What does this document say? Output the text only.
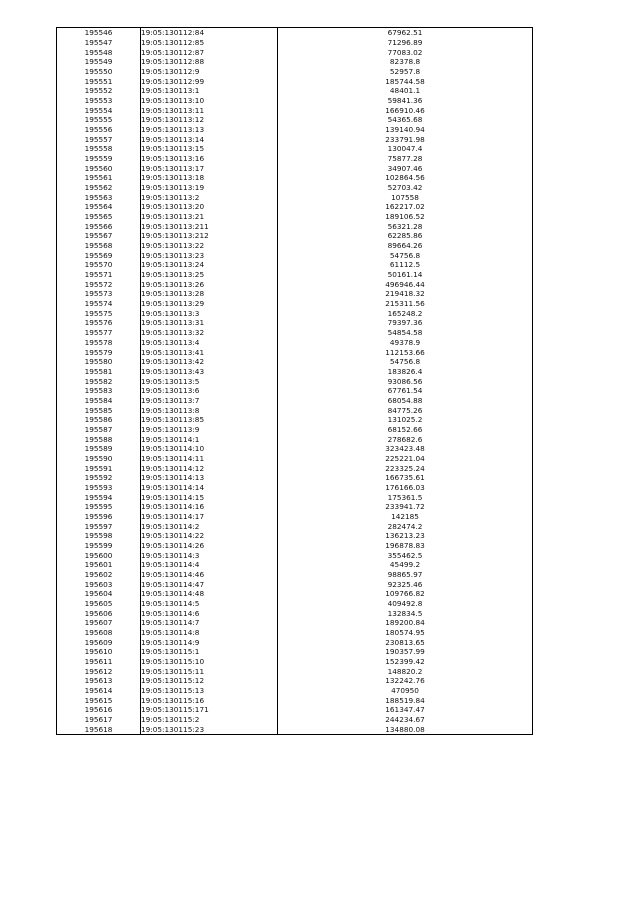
195546	19:05:130112:84	67962.51
195547	19:05:130112:85	71296.89
195548	19:05:130112:87	77083.02
195549	19:05:130112:88	82378.8
195550	19:05:130112:9	52957.8
195551	19:05:130112:99	185744.58
195552	19:05:130113:1	48401.1
195553	19:05:130113:10	59841.36
195554	19:05:130113:11	166910.46
195555	19:05:130113:12	54365.68
195556	19:05:130113:13	139140.94
195557	19:05:130113:14	233791.98
195558	19:05:130113:15	130047.4
195559	19:05:130113:16	75877.28
195560	19:05:130113:17	34907.46
195561	19:05:130113:18	102864.56
195562	19:05:130113:19	52703.42
195563	19:05:130113:2	107558
195564	19:05:130113:20	162217.02
195565	19:05:130113:21	189106.52
195566	19:05:130113:211	56321.28
195567	19:05:130113:212	62285.86
195568	19:05:130113:22	89664.26
195569	19:05:130113:23	54756.8
195570	19:05:130113:24	61112.5
195571	19:05:130113:25	50161.14
195572	19:05:130113:26	496946.44
195573	19:05:130113:28	219418.32
195574	19:05:130113:29	215311.56
195575	19:05:130113:3	165248.2
195576	19:05:130113:31	79397.36
195577	19:05:130113:32	54854.58
195578	19:05:130113:4	49378.9
195579	19:05:130113:41	112153.66
195580	19:05:130113:42	54756.8
195581	19:05:130113:43	183826.4
195582	19:05:130113:5	93086.56
195583	19:05:130113:6	67761.54
195584	19:05:130113:7	68054.88
195585	19:05:130113:8	84775.26
195586	19:05:130113:85	131025.2
195587	19:05:130113:9	68152.66
195588	19:05:130114:1	278682.6
195589	19:05:130114:10	323423.48
195590	19:05:130114:11	225221.04
195591	19:05:130114:12	223325.24
195592	19:05:130114:13	166735.61
195593	19:05:130114:14	176166.03
195594	19:05:130114:15	175361.5
195595	19:05:130114:16	233941.72
195596	19:05:130114:17	142185
195597	19:05:130114:2	282474.2
195598	19:05:130114:22	136213.23
195599	19:05:130114:26	196878.83
195600	19:05:130114:3	355462.5
195601	19:05:130114:4	45499.2
195602	19:05:130114:46	98865.97
195603	19:05:130114:47	92325.46
195604	19:05:130114:48	109766.82
195605	19:05:130114:5	409492.8
195606	19:05:130114:6	132834.5
195607	19:05:130114:7	189200.84
195608	19:05:130114:8	180574.95
195609	19:05:130114:9	230813.65
195610	19:05:130115:1	190357.99
195611	19:05:130115:10	152399.42
195612	19:05:130115:11	148820.2
195613	19:05:130115:12	132242.76
195614	19:05:130115:13	470950
195615	19:05:130115:16	188519.84
195616	19:05:130115:171	161347.47
195617	19:05:130115:2	244234.67
195618	19:05:130115:23	134880.08
